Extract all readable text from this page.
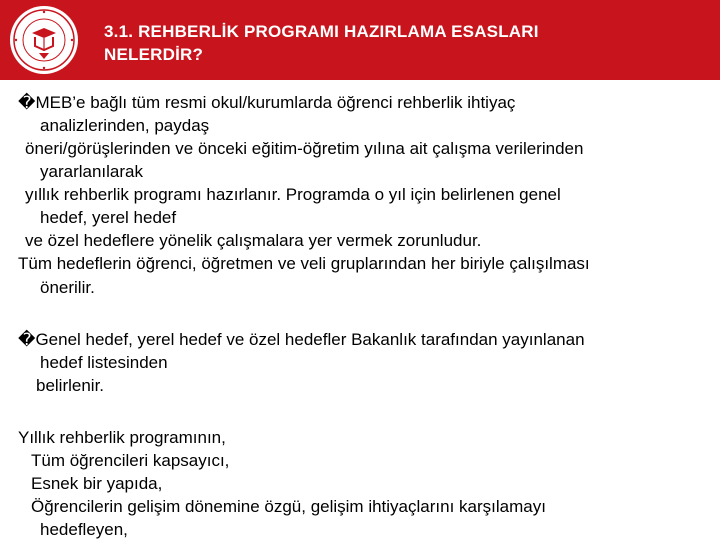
3.1. REHBERLİK PROGRAMI HAZIRLAMA ESASLARI
NELERDİR?
�MEB’e bağlı tüm resmi okul/kurumlarda öğrenci rehberlik ihtiyaç
analizlerinden, paydaş
öneri/görüşlerinden ve önceki eğitim-öğretim yılına ait çalışma verilerinden
yararlanılarak
yıllık rehberlik programı hazırlanır. Programda o yıl için belirlenen genel
hedef, yerel hedef
ve özel hedeflere yönelik çalışmalara yer vermek zorunludur.
Tüm hedeflerin öğrenci, öğretmen ve veli gruplarından her biriyle çalışılması
önerilir.
�Genel hedef, yerel hedef ve özel hedefler Bakanlık tarafından yayınlanan
hedef listesinden
belirlenir.
Yıllık rehberlik programının,
Tüm öğrencileri kapsayıcı,
Esnek bir yapıda,
Öğrencilerin gelişim dönemine özgü, gelişim ihtiyaçlarını karşılamayı
hedefleyen,
